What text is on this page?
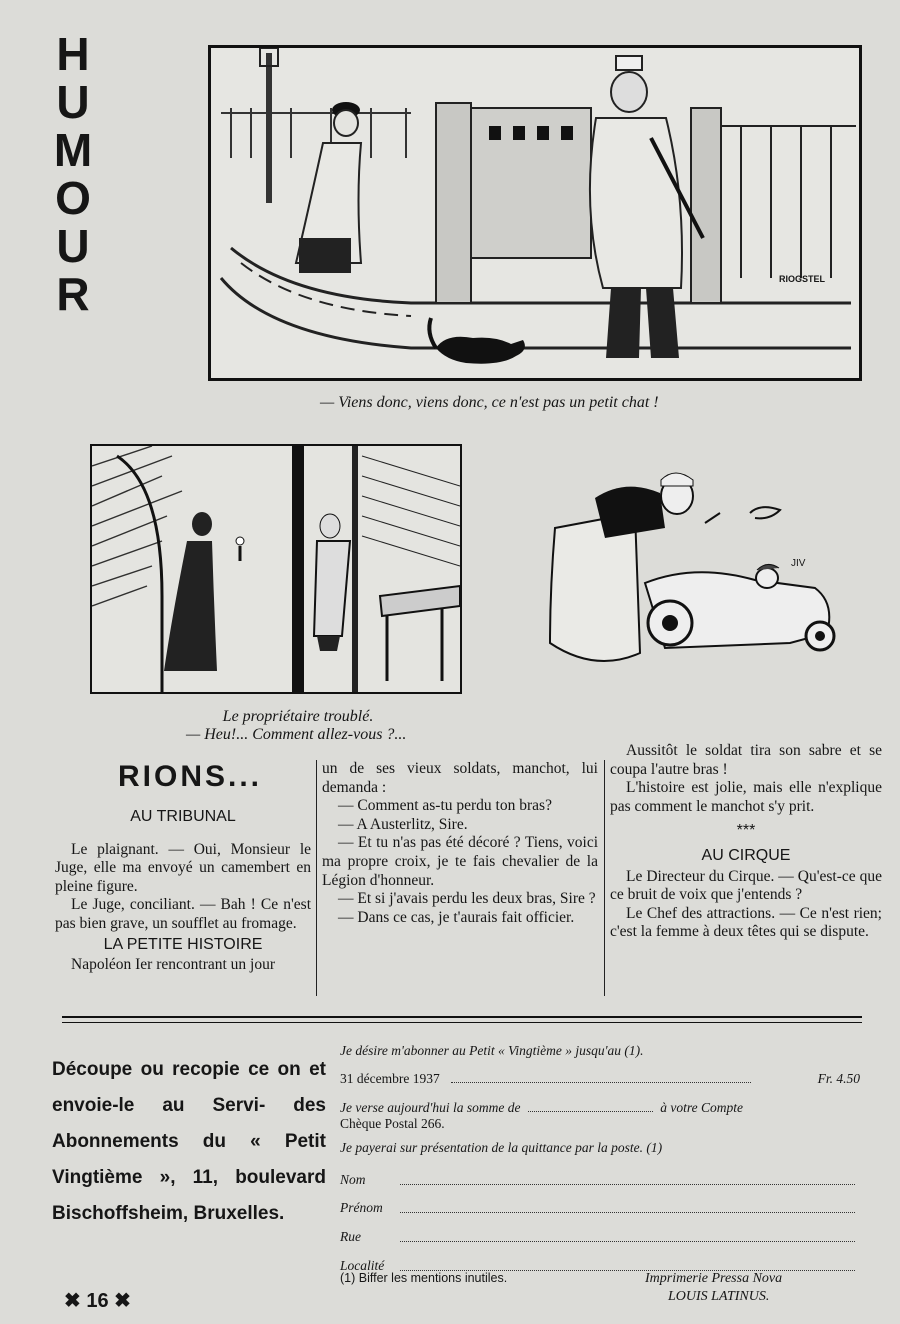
H
U
M
O
U
R	RIOGSTEL
— Viens donc, viens donc, ce n'est pas un petit chat !
Le propriétaire troublé.
— Heu!... Comment allez-vous ?...
JIV
RIONS...

AU TRIBUNAL

Le plaignant. — Oui, Monsieur le Juge, elle ma envoyé un camembert en pleine figure.

Le Juge, conciliant. — Bah ! Ce n'est pas bien grave, un soufflet au fromage.

LA PETITE HISTOIRE

Napoléon Ier rencontrant un jour

un de ses vieux soldats, manchot, lui demanda :

— Comment as-tu perdu ton bras?

— A Austerlitz, Sire.

— Et tu n'as pas été décoré ? Tiens, voici ma propre croix, je te fais chevalier de la Légion d'honneur.

— Et si j'avais perdu les deux bras, Sire ?

— Dans ce cas, je t'aurais fait officier.

Aussitôt le soldat tira son sabre et se coupa l'autre bras !

L'histoire est jolie, mais elle n'explique pas comment le manchot s'y prit.

***

AU CIRQUE

Le Directeur du Cirque. — Qu'est-ce que ce bruit de voix que j'entends ?

Le Chef des attractions. — Ce n'est rien; c'est la femme à deux têtes qui se dispute.

Découpe ou recopie ce on et envoie-le au Servi- des Abonnements du « Petit Vingtième », 11, boulevard Bischoffsheim, Bruxelles.
Je désire m'abonner au Petit « Vingtième » jusqu'au (1).
31 décembre 1937	Fr. 4.50
Je verse aujourd'hui la somme de	à votre Compte
Chèque Postal 266.
Je payerai sur présentation de la quittance par la poste. (1)
Nom
Prénom
Rue
Localité
(1) Biffer les mentions inutiles.	Imprimerie Pressa Nova
LOUIS LATINUS.
✖ 16 ✖
